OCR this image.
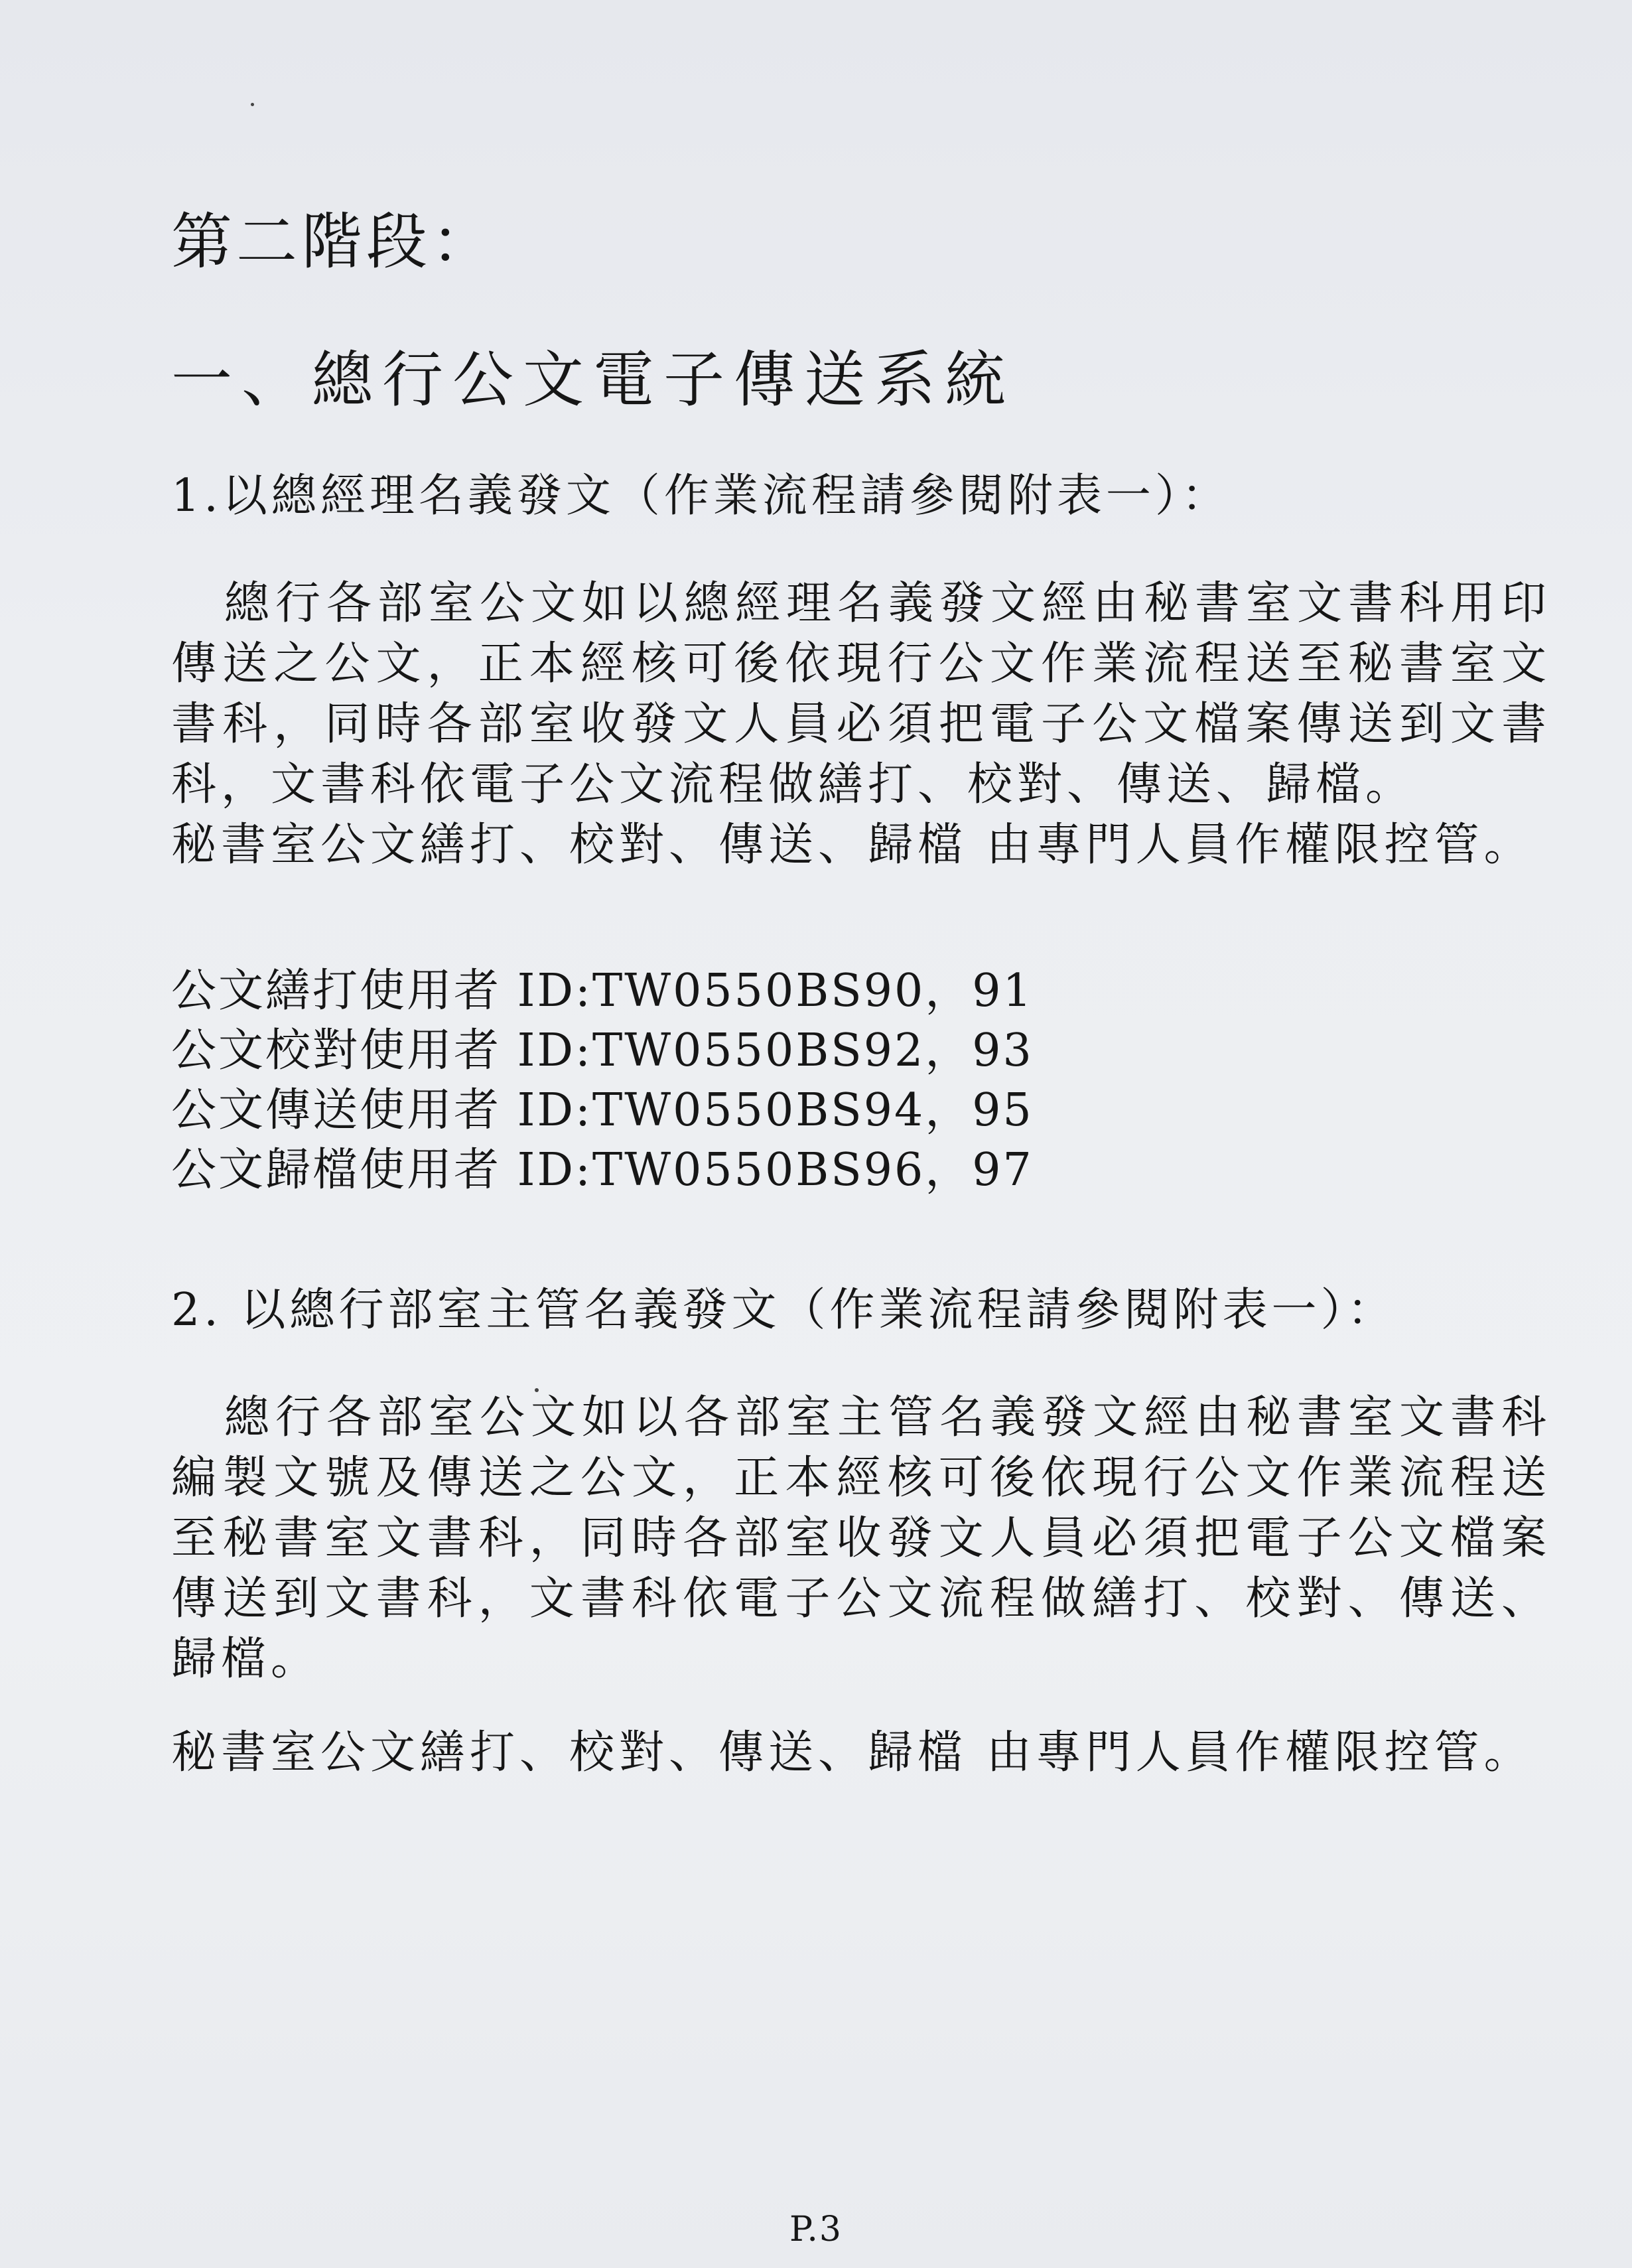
第二階段：
一、總行公文電子傳送系統

1.以總經理名義發文（作業流程請參閱附表一）：

總行各部室公文如以總經理名義發文經由秘書室文書科用印傳送之公文，正本經核可後依現行公文作業流程送至秘書室文書科，同時各部室收發文人員必須把電子公文檔案傳送到文書科，文書科依電子公文流程做繕打、校對、傳送、歸檔。

秘書室公文繕打、校對、傳送、歸檔 由專門人員作權限控管。

公文繕打使用者 ID:TW0550BS90，91
公文校對使用者 ID:TW0550BS92，93
公文傳送使用者 ID:TW0550BS94，95
公文歸檔使用者 ID:TW0550BS96，97

2. 以總行部室主管名義發文（作業流程請參閱附表一）：

總行各部室公文如以各部室主管名義發文經由秘書室文書科編製文號及傳送之公文，正本經核可後依現行公文作業流程送至秘書室文書科，同時各部室收發文人員必須把電子公文檔案傳送到文書科，文書科依電子公文流程做繕打、校對、傳送、歸檔。

秘書室公文繕打、校對、傳送、歸檔 由專門人員作權限控管。

P.3
